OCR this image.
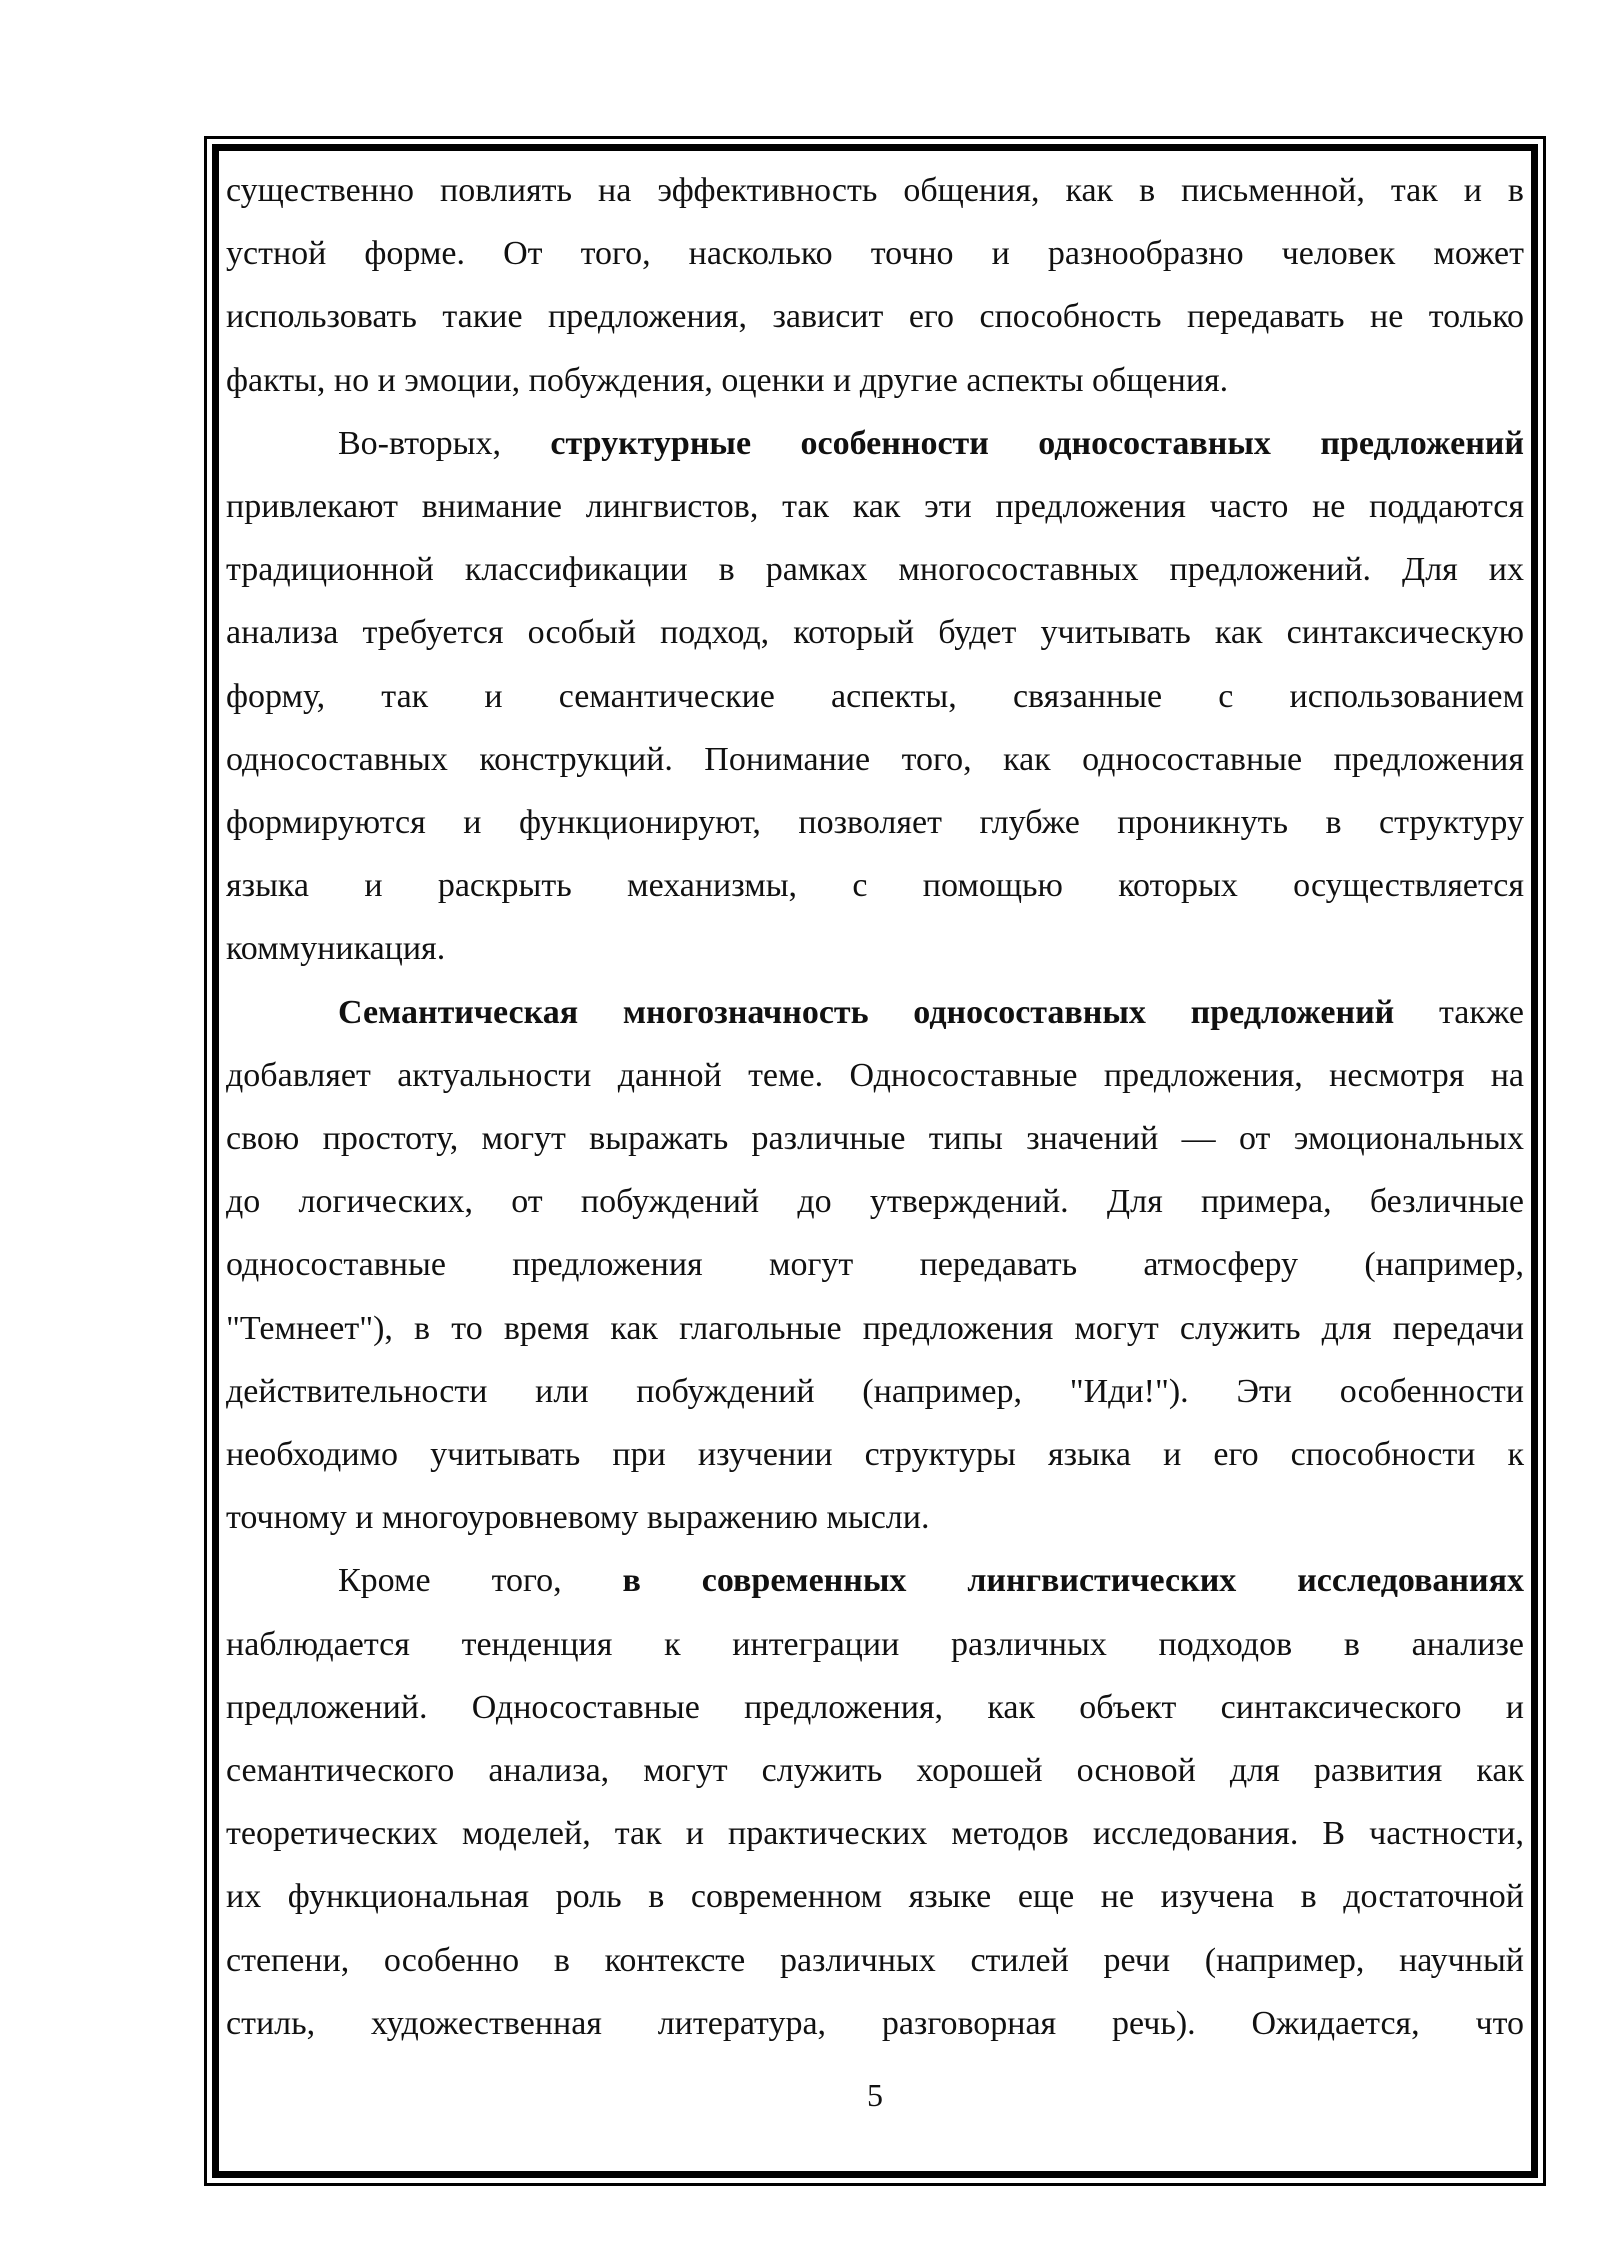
существенно повлиять на эффективность общения, как в письменной, так и в
устной форме. От того, насколько точно и разнообразно человек может
использовать такие предложения, зависит его способность передавать не только
факты, но и эмоции, побуждения, оценки и другие аспекты общения.
Во-вторых, структурные особенности односоставных предложений
привлекают внимание лингвистов, так как эти предложения часто не поддаются
традиционной классификации в рамках многосоставных предложений. Для их
анализа требуется особый подход, который будет учитывать как синтаксическую
форму, так и семантические аспекты, связанные с использованием
односоставных конструкций. Понимание того, как односоставные предложения
формируются и функционируют, позволяет глубже проникнуть в структуру
языка и раскрыть механизмы, с помощью которых осуществляется
коммуникация.
Семантическая многозначность односоставных предложений также
добавляет актуальности данной теме. Односоставные предложения, несмотря на
свою простоту, могут выражать различные типы значений — от эмоциональных
до логических, от побуждений до утверждений. Для примера, безличные
односоставные предложения могут передавать атмосферу (например,
"Темнеет"), в то время как глагольные предложения могут служить для передачи
действительности или побуждений (например, "Иди!"). Эти особенности
необходимо учитывать при изучении структуры языка и его способности к
точному и многоуровневому выражению мысли.
Кроме того, в современных лингвистических исследованиях
наблюдается тенденция к интеграции различных подходов в анализе
предложений. Односоставные предложения, как объект синтаксического и
семантического анализа, могут служить хорошей основой для развития как
теоретических моделей, так и практических методов исследования. В частности,
их функциональная роль в современном языке еще не изучена в достаточной
степени, особенно в контексте различных стилей речи (например, научный
стиль, художественная литература, разговорная речь). Ожидается, что
5
